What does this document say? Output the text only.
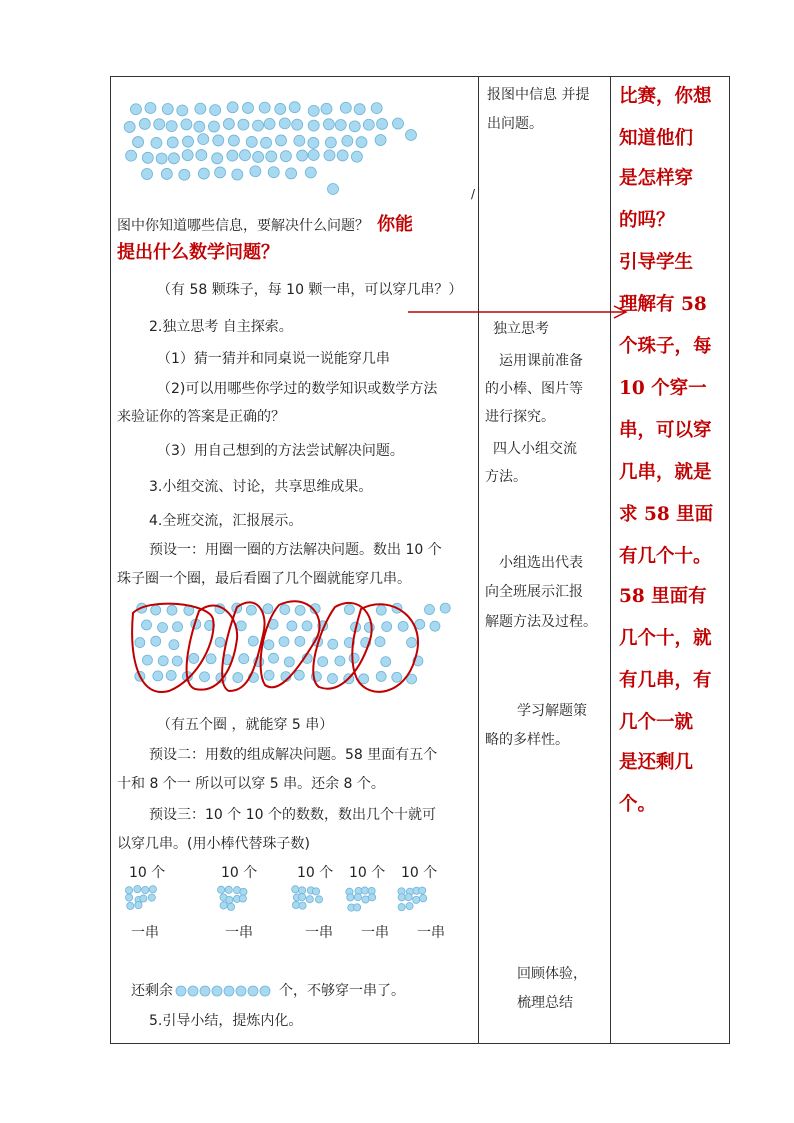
/
图中你知道哪些信息，要解决什么问题？ 你能
提出什么数学问题？
（有 58 颗珠子，每 10 颗一串，可以穿几串？）
2.独立思考 自主探索。
（1）猜一猜并和同桌说一说能穿几串
（2)可以用哪些你学过的数学知识或数学方法
来验证你的答案是正确的？
（3）用自己想到的方法尝试解决问题。
3.小组交流、讨论，共享思维成果。
4.全班交流，汇报展示。
预设一：用圈一圈的方法解决问题。数出 10 个
珠子圈一个圈，最后看圈了几个圈就能穿几串。
（有五个圈 ，就能穿 5 串）
预设二：用数的组成解决问题。58 里面有五个
十和 8 个一 所以可以穿 5 串。还余 8 个。
预设三：10 个 10 个的数数，数出几个十就可
以穿几串。(用小棒代替珠子数)
10 个	10 个	10 个 10 个 10 个
一串	一串	一串 一串 一串
还剩余	个，不够穿一串了。
5.引导小结，提炼内化。
报图中信息 并提
出问题。
独立思考
运用课前准备
的小棒、图片等
进行探究。
四人小组交流
方法。
小组选出代表
向全班展示汇报
解题方法及过程。
学习解题策
略的多样性。
回顾体验，
梳理总结
比赛，你想
知道他们
是怎样穿
的吗？
引导学生
理解有 58
个珠子，每
10 个穿一
串，可以穿
几串，就是
求 58 里面
有几个十。
58 里面有
几个十，就
有几串，有
几个一就
是还剩几
个。
